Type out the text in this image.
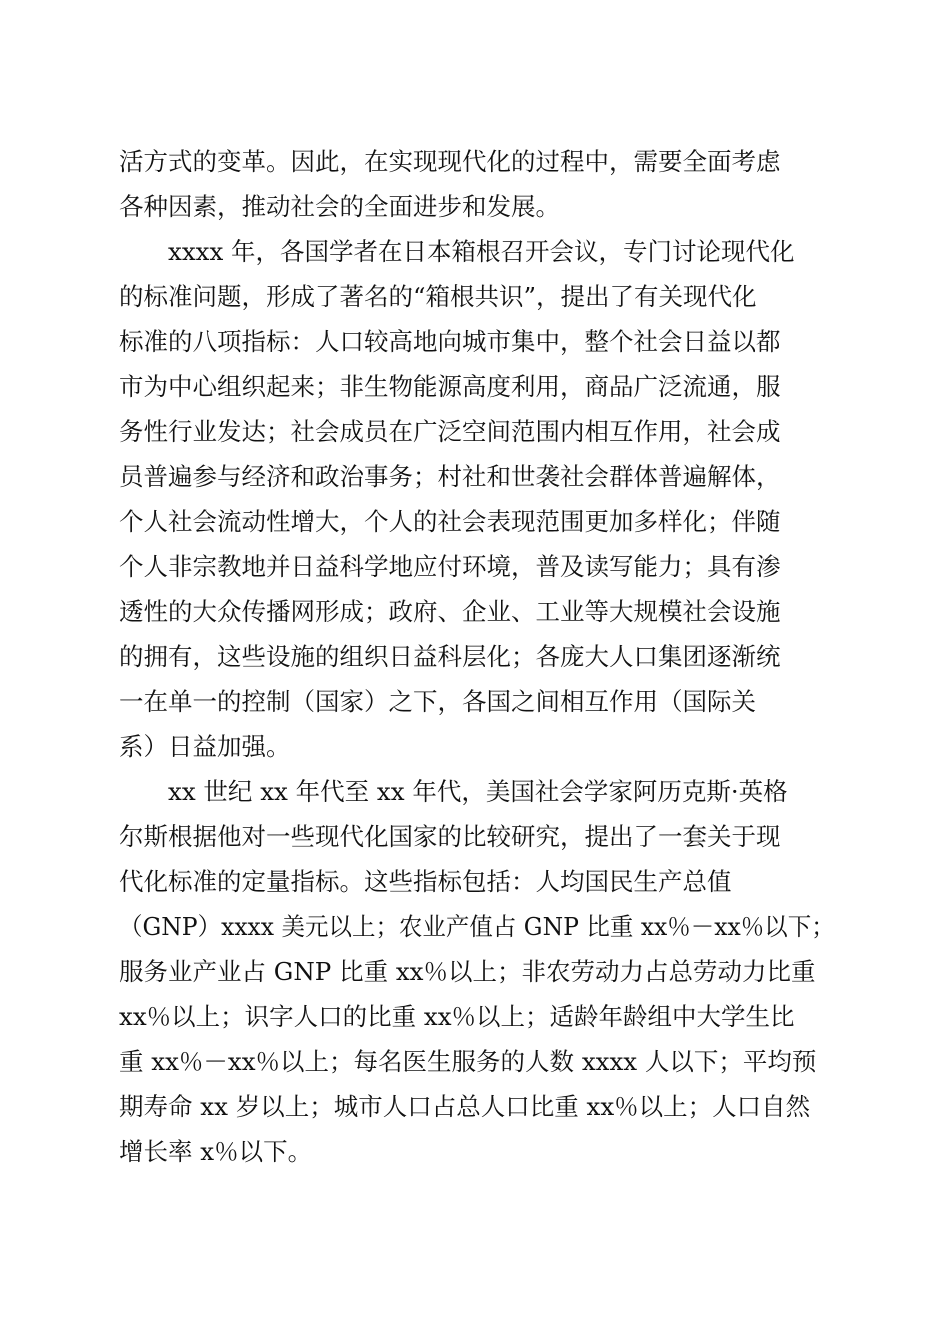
活方式的变革。因此，在实现现代化的过程中，需要全面考虑

各种因素，推动社会的全面进步和发展。

xxxx 年，各国学者在日本箱根召开会议，专门讨论现代化

的标准问题，形成了著名的“箱根共识”，提出了有关现代化

标准的八项指标：人口较高地向城市集中，整个社会日益以都

市为中心组织起来；非生物能源高度利用，商品广泛流通，服

务性行业发达；社会成员在广泛空间范围内相互作用，社会成

员普遍参与经济和政治事务；村社和世袭社会群体普遍解体，

个人社会流动性增大，个人的社会表现范围更加多样化；伴随

个人非宗教地并日益科学地应付环境，普及读写能力；具有渗

透性的大众传播网形成；政府、企业、工业等大规模社会设施

的拥有，这些设施的组织日益科层化；各庞大人口集团逐渐统

一在单一的控制（国家）之下，各国之间相互作用（国际关

系）日益加强。

xx 世纪 xx 年代至 xx 年代，美国社会学家阿历克斯·英格

尔斯根据他对一些现代化国家的比较研究，提出了一套关于现

代化标准的定量指标。这些指标包括：人均国民生产总值

（GNP）xxxx 美元以上；农业产值占 GNP 比重 xx％－xx％以下；

服务业产业占 GNP 比重 xx％以上；非农劳动力占总劳动力比重

xx％以上；识字人口的比重 xx％以上；适龄年龄组中大学生比

重 xx％－xx％以上；每名医生服务的人数 xxxx 人以下；平均预

期寿命 xx 岁以上；城市人口占总人口比重 xx％以上；人口自然

增长率 x％以下。
